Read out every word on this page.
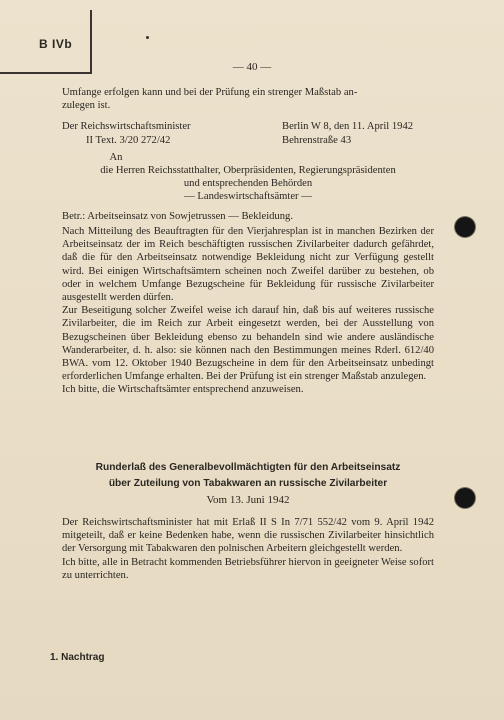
B IVb
— 40 —
Umfange erfolgen kann und bei der Prüfung ein strenger Maßstab an-
zulegen ist.
Der Reichswirtschaftsminister	Berlin W 8, den 11. April 1942
II Text. 3/20 272/42	Behrenstraße 43
An
die Herren Reichsstatthalter, Oberpräsidenten, Regierungspräsidenten
und entsprechenden Behörden
— Landeswirtschaftsämter —
Betr.: Arbeitseinsatz von Sowjetrussen — Bekleidung.

Nach Mitteilung des Beauftragten für den Vierjahresplan ist in manchen Bezirken der Arbeitseinsatz der im Reich beschäftigten russischen Zivilarbeiter dadurch gefährdet, daß die für den Arbeitseinsatz notwendige Bekleidung nicht zur Verfügung gestellt wird. Bei einigen Wirtschaftsämtern scheinen noch Zweifel darüber zu bestehen, ob oder in welchem Umfange Bezugscheine für Bekleidung für russische Zivilarbeiter ausgestellt werden dürfen.

Zur Beseitigung solcher Zweifel weise ich darauf hin, daß bis auf weiteres russische Zivilarbeiter, die im Reich zur Arbeit eingesetzt werden, bei der Ausstellung von Bezugscheinen über Bekleidung ebenso zu behandeln sind wie andere ausländische Wanderarbeiter, d. h. also: sie können nach den Bestimmungen meines Rderl. 612/40 BWA. vom 12. Oktober 1940 Bezugscheine in dem für den Arbeitseinsatz unbedingt erforderlichen Umfange erhalten. Bei der Prüfung ist ein strenger Maßstab anzulegen.

Ich bitte, die Wirtschaftsämter entsprechend anzuweisen.

Runderlaß des Generalbevollmächtigten für den Arbeitseinsatz
über Zuteilung von Tabakwaren an russische Zivilarbeiter
Vom 13. Juni 1942

Der Reichswirtschaftsminister hat mit Erlaß II S In 7/71 552/42 vom 9. April 1942 mitgeteilt, daß er keine Bedenken habe, wenn die russischen Zivilarbeiter hinsichtlich der Versorgung mit Tabakwaren den polnischen Arbeitern gleichgestellt werden.

Ich bitte, alle in Betracht kommenden Betriebsführer hiervon in geeigneter Weise sofort zu unterrichten.

1. Nachtrag
